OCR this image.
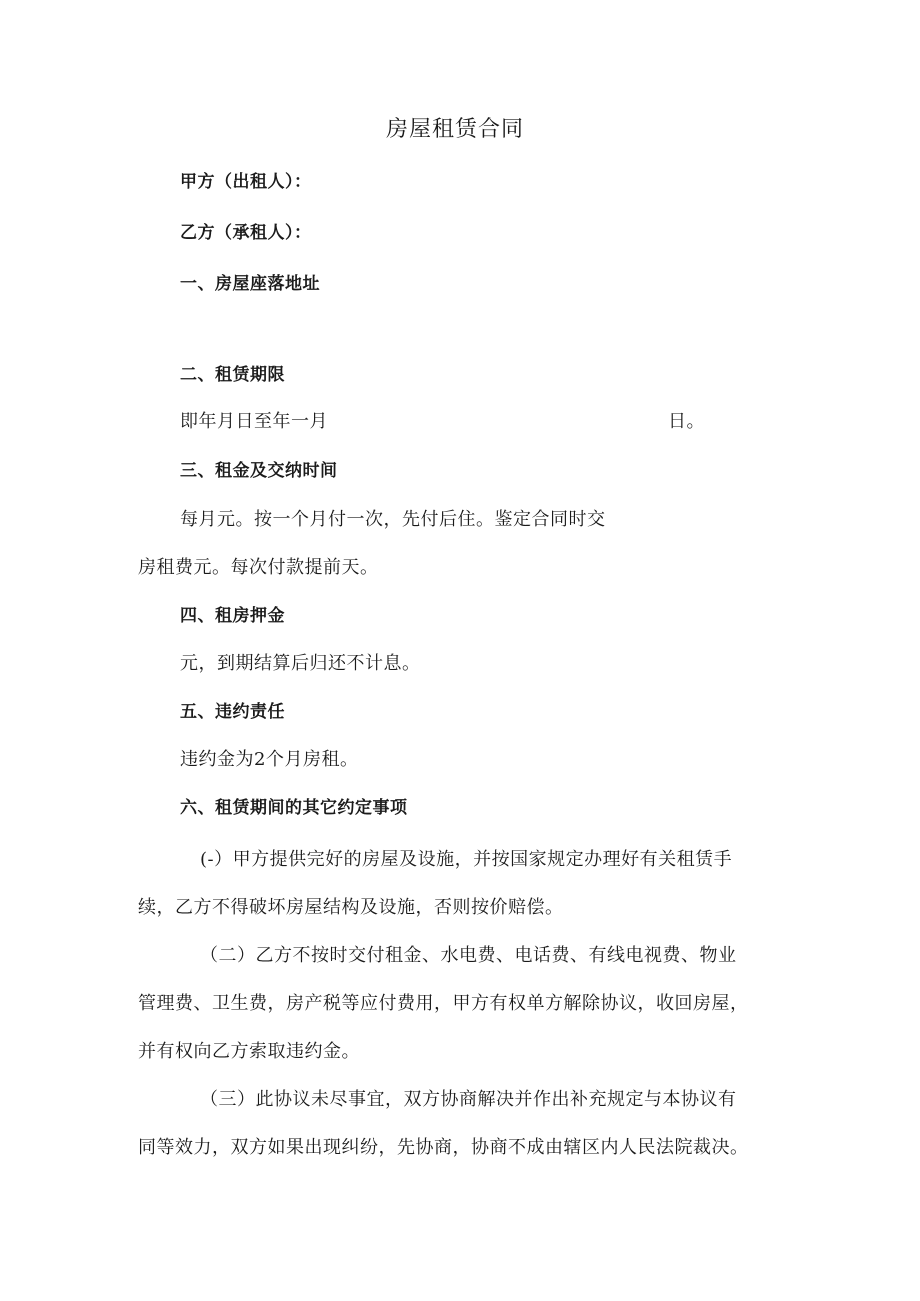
房屋租赁合同
甲方（出租人）：
乙方（承租人）：
一、房屋座落地址
二、租赁期限
即年月日至年一月	日。
三、租金及交纳时间
每月元。按一个月付一次，先付后住。鉴定合同时交
房租费元。每次付款提前天。
四、租房押金
元，到期结算后归还不计息。
五、违约责任
违约金为2个月房租。
六、租赁期间的其它约定事项
(-）甲方提供完好的房屋及设施，并按国家规定办理好有关租赁手
续，乙方不得破坏房屋结构及设施，否则按价赔偿。
（二）乙方不按时交付租金、水电费、电话费、有线电视费、物业
管理费、卫生费，房产税等应付费用，甲方有权单方解除协议，收回房屋，
并有权向乙方索取违约金。
（三）此协议未尽事宜，双方协商解决并作出补充规定与本协议有
同等效力，双方如果出现纠纷，先协商，协商不成由辖区内人民法院裁决。
